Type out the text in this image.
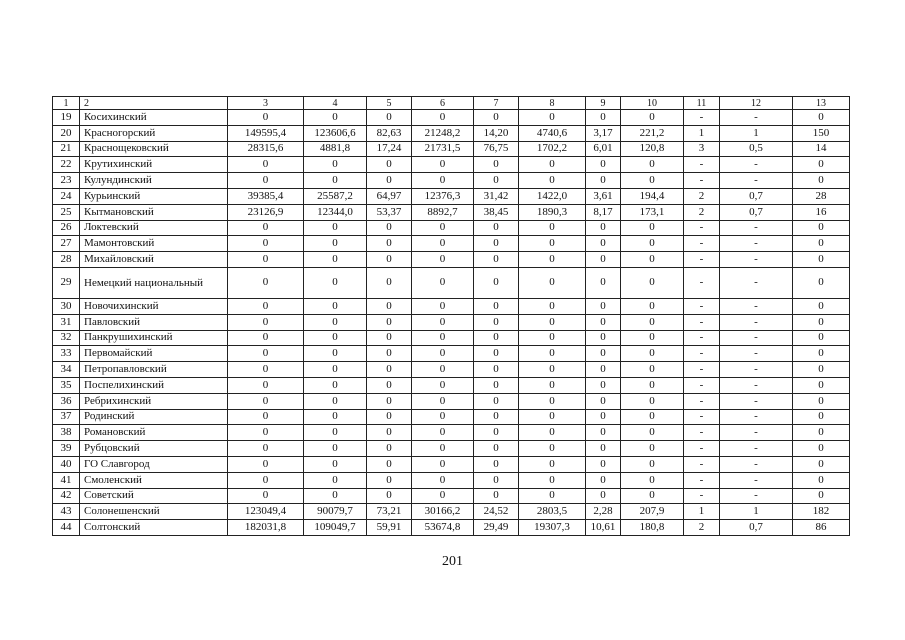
1	2	3	4	5	6	7	8	9	10	11	12	13
19	Косихинский	0	0	0	0	0	0	0	0	-	-	0
20	Красногорский	149595,4	123606,6	82,63	21248,2	14,20	4740,6	3,17	221,2	1	1	150
21	Краснощековский	28315,6	4881,8	17,24	21731,5	76,75	1702,2	6,01	120,8	3	0,5	14
22	Крутихинский	0	0	0	0	0	0	0	0	-	-	0
23	Кулундинский	0	0	0	0	0	0	0	0	-	-	0
24	Курьинский	39385,4	25587,2	64,97	12376,3	31,42	1422,0	3,61	194,4	2	0,7	28
25	Кытмановский	23126,9	12344,0	53,37	8892,7	38,45	1890,3	8,17	173,1	2	0,7	16
26	Локтевский	0	0	0	0	0	0	0	0	-	-	0
27	Мамонтовский	0	0	0	0	0	0	0	0	-	-	0
28	Михайловский	0	0	0	0	0	0	0	0	-	-	0
29	Немецкий национальный	0	0	0	0	0	0	0	0	-	-	0
30	Новочихинский	0	0	0	0	0	0	0	0	-	-	0
31	Павловский	0	0	0	0	0	0	0	0	-	-	0
32	Панкрушихинский	0	0	0	0	0	0	0	0	-	-	0
33	Первомайский	0	0	0	0	0	0	0	0	-	-	0
34	Петропавловский	0	0	0	0	0	0	0	0	-	-	0
35	Поспелихинский	0	0	0	0	0	0	0	0	-	-	0
36	Ребрихинский	0	0	0	0	0	0	0	0	-	-	0
37	Родинский	0	0	0	0	0	0	0	0	-	-	0
38	Романовский	0	0	0	0	0	0	0	0	-	-	0
39	Рубцовский	0	0	0	0	0	0	0	0	-	-	0
40	ГО Славгород	0	0	0	0	0	0	0	0	-	-	0
41	Смоленский	0	0	0	0	0	0	0	0	-	-	0
42	Советский	0	0	0	0	0	0	0	0	-	-	0
43	Солонешенский	123049,4	90079,7	73,21	30166,2	24,52	2803,5	2,28	207,9	1	1	182
44	Солтонский	182031,8	109049,7	59,91	53674,8	29,49	19307,3	10,61	180,8	2	0,7	86
201
